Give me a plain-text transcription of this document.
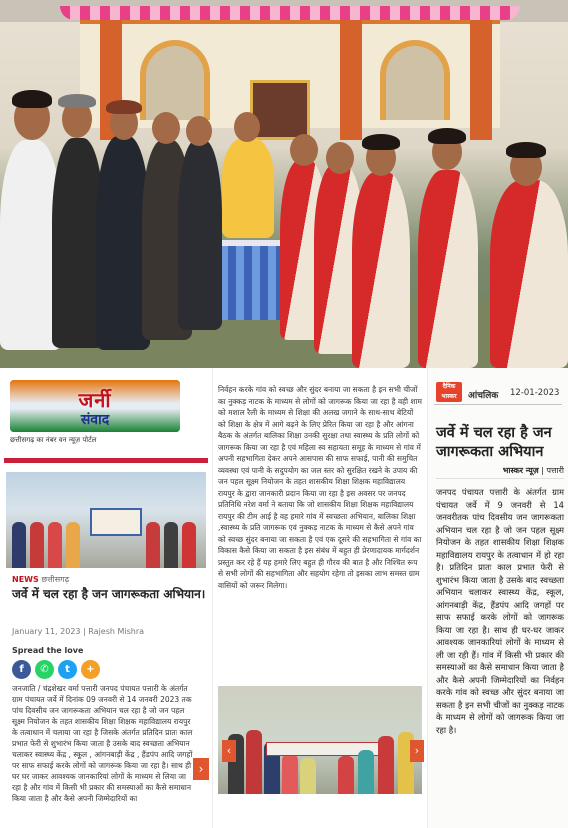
जर्नी
संवाद
छत्तीसगढ़ का नंबर वन न्यूज़ पोर्टल
NEWS छत्तीसगढ़
जर्वे में चल रहा है जन जागरूकता अभियान।
January 11, 2023 | Rajesh Mishra
Spread the love
f	✆	t	+
जनजाति / चंद्रशेखर वर्मा पत्तारी जनपद पंचायत पत्तारी के अंतर्गत ग्राम पंचायत जर्वे में दिनांक 09 जनवरी से 14 जनवरी 2023 तक पांच दिवसीय जन जागरूकता अभियान चल रहा है जो जन पहल सूक्ष्म नियोजन के तहत शासकीय शिक्षा शिक्षक महाविद्यालय रायपुर के तत्वाधान में चलाया जा रहा है जिसके अंतर्गत प्रतिदिन प्रातः काल प्रभात फेरी से शुभारंभ किया जाता है उसके बाद स्वच्छता अभियान चलाकर स्वास्थ्य केंद्र , स्कूल , आंगनबाड़ी केंद्र , हैंडपंप आदि जगहों पर साफ सफाई करके लोगों को जागरूक किया जा रहा है। साथ ही घर घर जाकर आवश्यक जानकारियां लोगों के माध्यम से लिया जा रहा है और गांव में किसी भी प्रकार की समस्याओं का कैसे समाधान किया जाता है और कैसे अपनी जिम्मेदारियों का
›
निर्वहन करके गांव को स्वच्छ और सुंदर बनाया जा सकता है इन सभी चीजों का नुक्कड़ नाटक के माध्यम से लोगों को जागरूक किया जा रहा है वही शाम को मशाल रैली के माध्यम से शिक्षा की अलख जगाने के साथ-साथ बेटियों को शिक्षा के क्षेत्र में आगे बढ़ने के लिए प्रेरित किया जा रहा है और आंगना बैठक के अंतर्गत बालिका शिक्षा उनकी सुरक्षा तथा स्वास्थ्य के प्रति लोगों को जागरूक किया जा रहा है एवं महिला स्व सहायता समूह के माध्यम से गांव में अपनी सहभागिता देकर अपने आसपास की साफ सफाई, पानी की समुचित व्यवस्था एवं पानी के सदुपयोग का जल स्तर को सुरक्षित रखने के उपाय की जन पहल सूक्ष्म नियोजन के तहत शासकीय शिक्षा शिक्षक महाविद्यालय रायपुर के द्वारा जानकारी प्रदान किया जा रहा है इस अवसर पर जनपद प्रतिनिधि नरेश वर्मा ने बताया कि जो शासकीय शिक्षा शिक्षक महाविद्यालय रायपुर की टीम आई है वह हमारे गांव में स्वच्छता अभियान, बालिका शिक्षा ,स्वास्थ्य के प्रति जागरूक एवं नुक्कड़ नाटक के माध्यम से कैसे अपने गांव को स्वच्छ सुंदर बनाया जा सकता है एवं एक दूसरे की सहभागिता से गांव का विकास कैसे किया जा सकता है इस संबंध में बहुत ही प्रेरणादायक मार्गदर्शन प्रस्तुत कर रहे हैं यह हमारे लिए बहुत ही गौरव की बात है और निश्चित रूप से सभी लोगों की सहभागिता और सहयोग रहेगा तो इसका लाभ समस्त ग्राम वासियों को जरूर मिलेगा।
‹	›
दैनिक भास्कर	आंचलिक 12-01-2023
जर्वे में चल रहा है जन जागरूकता अभियान
भास्कर न्यूज़ | पत्तारी
जनपद पंचायत पत्तारी के अंतर्गत ग्राम पंचायत जर्वे में 9 जनवरी से 14 जनवरीतक पांच दिवसीय जन जागरूकता अभियान चल रहा है जो जन पहल सूक्ष्म नियोजन के तहत शासकीय शिक्षा शिक्षक महाविद्यालय रायपुर के तत्वाधान में हो रहा है। प्रतिदिन प्रातः काल प्रभात फेरी से शुभारंभ किया जाता है उसके बाद स्वच्छता अभियान चलाकर स्वास्थ्य केंद्र, स्कूल, आंगनबाड़ी केंद्र, हैंडपंप आदि जगहों पर साफ सफाई करके लोगों को जागरूक किया जा रहा है। साथ ही घर-घर जाकर आवश्यक जानकारियां लोगों के माध्यम से ली जा रही हैं। गांव में किसी भी प्रकार की समस्याओं का कैसे समाधान किया जाता है और कैसे अपनी जिम्मेदारियों का निर्वहन करके गांव को स्वच्छ और सुंदर बनाया जा सकता है इन सभी चीजों का नुक्कड़ नाटक के माध्यम से लोगों को जागरूक किया जा रहा है।
